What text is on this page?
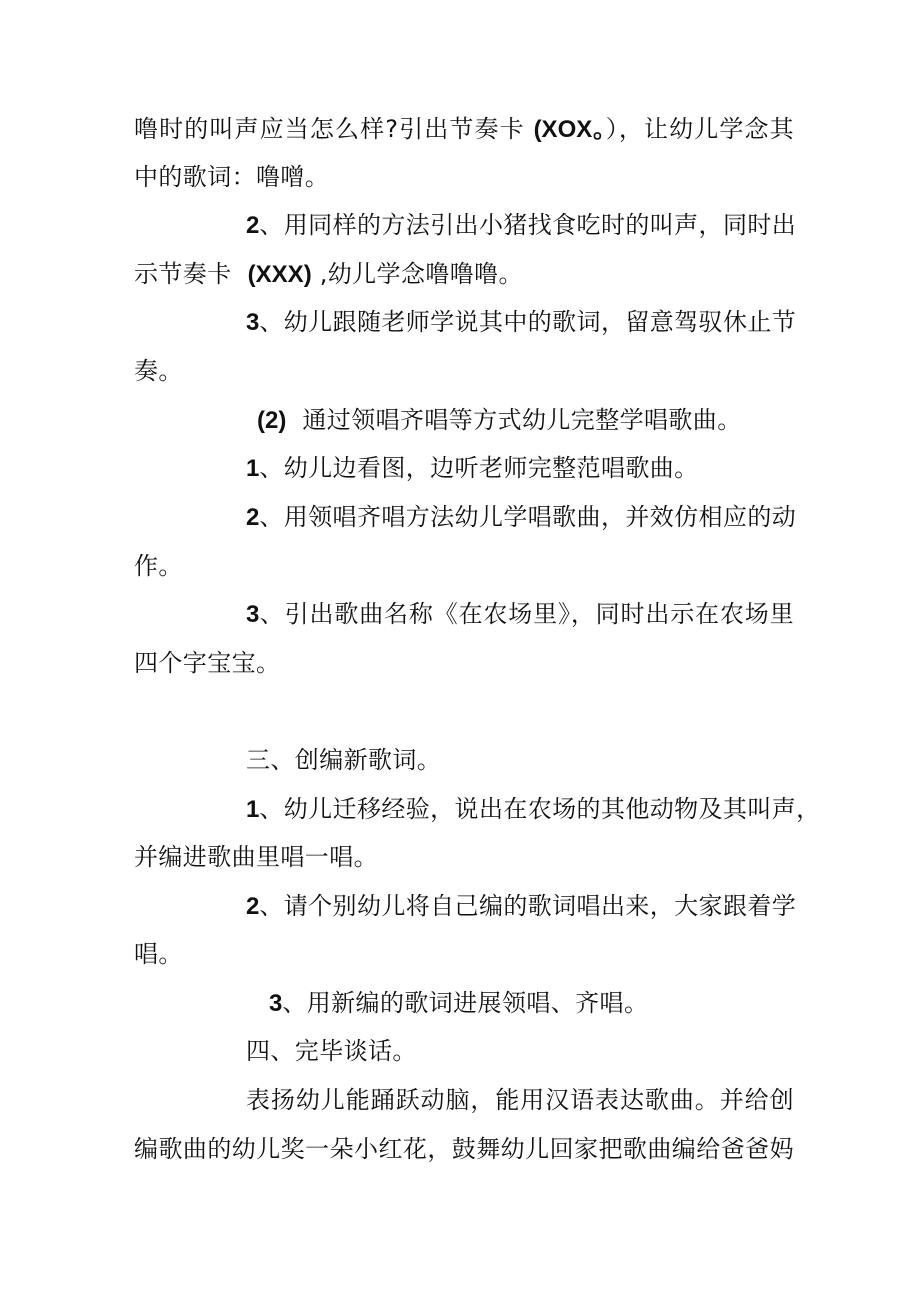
噜时的叫声应当怎么样?引出节奏卡 (XOX。），让幼儿学念其
中的歌词：噜噌。
2、用同样的方法引出小猪找食吃时的叫声，同时出
示节奏卡 (XXX) ,幼儿学念噜噜噜。
3、幼儿跟随老师学说其中的歌词，留意驾驭休止节
奏。
(2) 通过领唱齐唱等方式幼儿完整学唱歌曲。
1、幼儿边看图，边听老师完整范唱歌曲。
2、用领唱齐唱方法幼儿学唱歌曲，并效仿相应的动
作。
3、引出歌曲名称《在农场里》，同时出示在农场里
四个字宝宝。
三、创编新歌词。
1、幼儿迁移经验，说出在农场的其他动物及其叫声，
并编进歌曲里唱一唱。
2、请个别幼儿将自己编的歌词唱出来，大家跟着学
唱。
3、用新编的歌词进展领唱、齐唱。
四、完毕谈话。
表扬幼儿能踊跃动脑，能用汉语表达歌曲。并给创
编歌曲的幼儿奖一朵小红花，鼓舞幼儿回家把歌曲编给爸爸妈
